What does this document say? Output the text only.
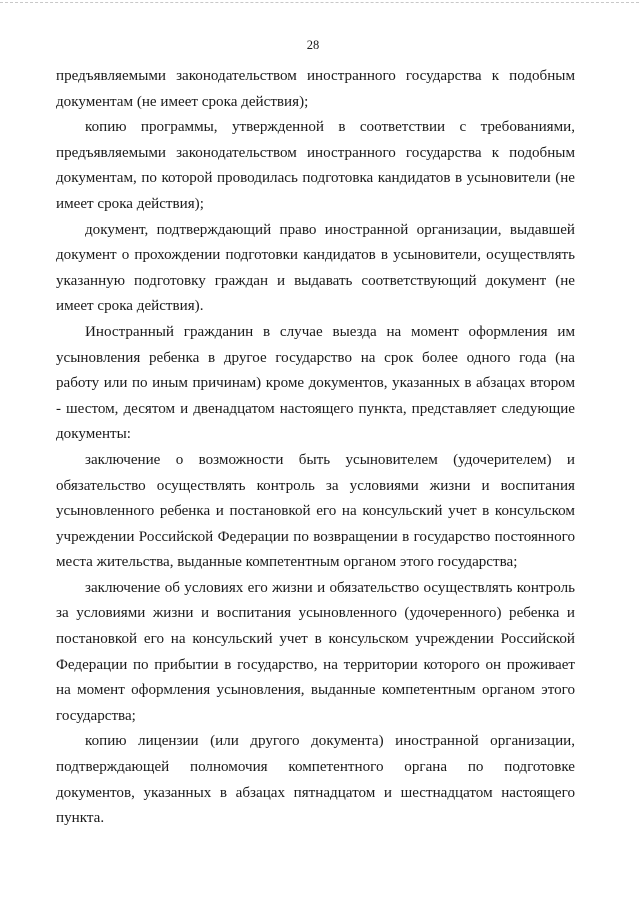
28
предъявляемыми законодательством иностранного государства к подобным
документам (не имеет срока действия);
копию программы, утвержденной в соответствии с требованиями,
предъявляемыми законодательством иностранного государства к подобным
документам, по которой проводилась подготовка кандидатов в усыновители (не
имеет срока действия);
документ, подтверждающий право иностранной организации, выдавшей
документ о прохождении подготовки кандидатов в усыновители, осуществлять
указанную подготовку граждан и выдавать соответствующий документ (не
имеет срока действия).
Иностранный гражданин в случае выезда на момент оформления им
усыновления ребенка в другое государство на срок более одного года (на
работу или по иным причинам) кроме документов, указанных в абзацах втором
- шестом, десятом и двенадцатом настоящего пункта, представляет следующие
документы:
заключение о возможности быть усыновителем (удочерителем) и
обязательство осуществлять контроль за условиями жизни и воспитания
усыновленного ребенка и постановкой его на консульский учет в консульском
учреждении Российской Федерации по возвращении в государство постоянного
места жительства, выданные компетентным органом этого государства;
заключение об условиях его жизни и обязательство осуществлять контроль
за условиями жизни и воспитания усыновленного (удочеренного) ребенка и
постановкой его на консульский учет в консульском учреждении Российской
Федерации по прибытии в государство, на территории которого он проживает
на момент оформления усыновления, выданные компетентным органом этого
государства;
копию лицензии (или другого документа) иностранной организации,
подтверждающей полномочия компетентного органа по подготовке
документов, указанных в абзацах пятнадцатом и шестнадцатом настоящего
пункта.
